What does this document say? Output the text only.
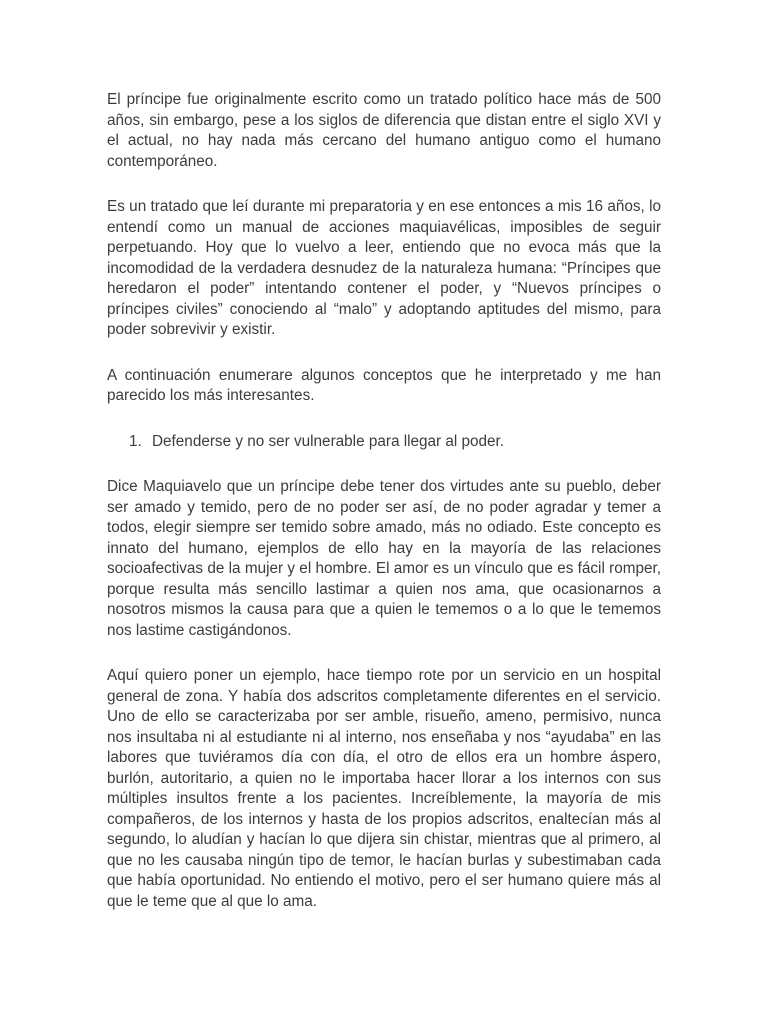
El príncipe fue originalmente escrito como un tratado político hace más de 500 años, sin embargo, pese a los siglos de diferencia que distan entre el siglo XVI y el actual, no hay nada más cercano del humano antiguo como el humano contemporáneo.

Es un tratado que leí durante mi preparatoria y en ese entonces a mis 16 años, lo entendí como un manual de acciones maquiavélicas, imposibles de seguir perpetuando. Hoy que lo vuelvo a leer, entiendo que no evoca más que la incomodidad de la verdadera desnudez de la naturaleza humana: “Príncipes que heredaron el poder” intentando contener el poder, y “Nuevos príncipes o príncipes civiles” conociendo al “malo” y adoptando aptitudes del mismo, para poder sobrevivir y existir.

A continuación enumerare algunos conceptos que he interpretado y me han parecido los más interesantes.

1. Defenderse y no ser vulnerable para llegar al poder.

Dice Maquiavelo que un príncipe debe tener dos virtudes ante su pueblo, deber ser amado y temido, pero de no poder ser así, de no poder agradar y temer a todos, elegir siempre ser temido sobre amado, más no odiado. Este concepto es innato del humano, ejemplos de ello hay en la mayoría de las relaciones socioafectivas de la mujer y el hombre. El amor es un vínculo que es fácil romper, porque resulta más sencillo lastimar a quien nos ama, que ocasionarnos a nosotros mismos la causa para que a quien le tememos o a lo que le tememos nos lastime castigándonos.

Aquí quiero poner un ejemplo, hace tiempo rote por un servicio en un hospital general de zona. Y había dos adscritos completamente diferentes en el servicio. Uno de ello se caracterizaba por ser amble, risueño, ameno, permisivo, nunca nos insultaba ni al estudiante ni al interno, nos enseñaba y nos “ayudaba” en las labores que tuviéramos día con día, el otro de ellos era un hombre áspero, burlón, autoritario, a quien no le importaba hacer llorar a los internos con sus múltiples insultos frente a los pacientes. Increíblemente, la mayoría de mis compañeros, de los internos y hasta de los propios adscritos, enaltecían más al segundo, lo aludían y hacían lo que dijera sin chistar, mientras que al primero, al que no les causaba ningún tipo de temor, le hacían burlas y subestimaban cada que había oportunidad. No entiendo el motivo, pero el ser humano quiere más al que le teme que al que lo ama.
